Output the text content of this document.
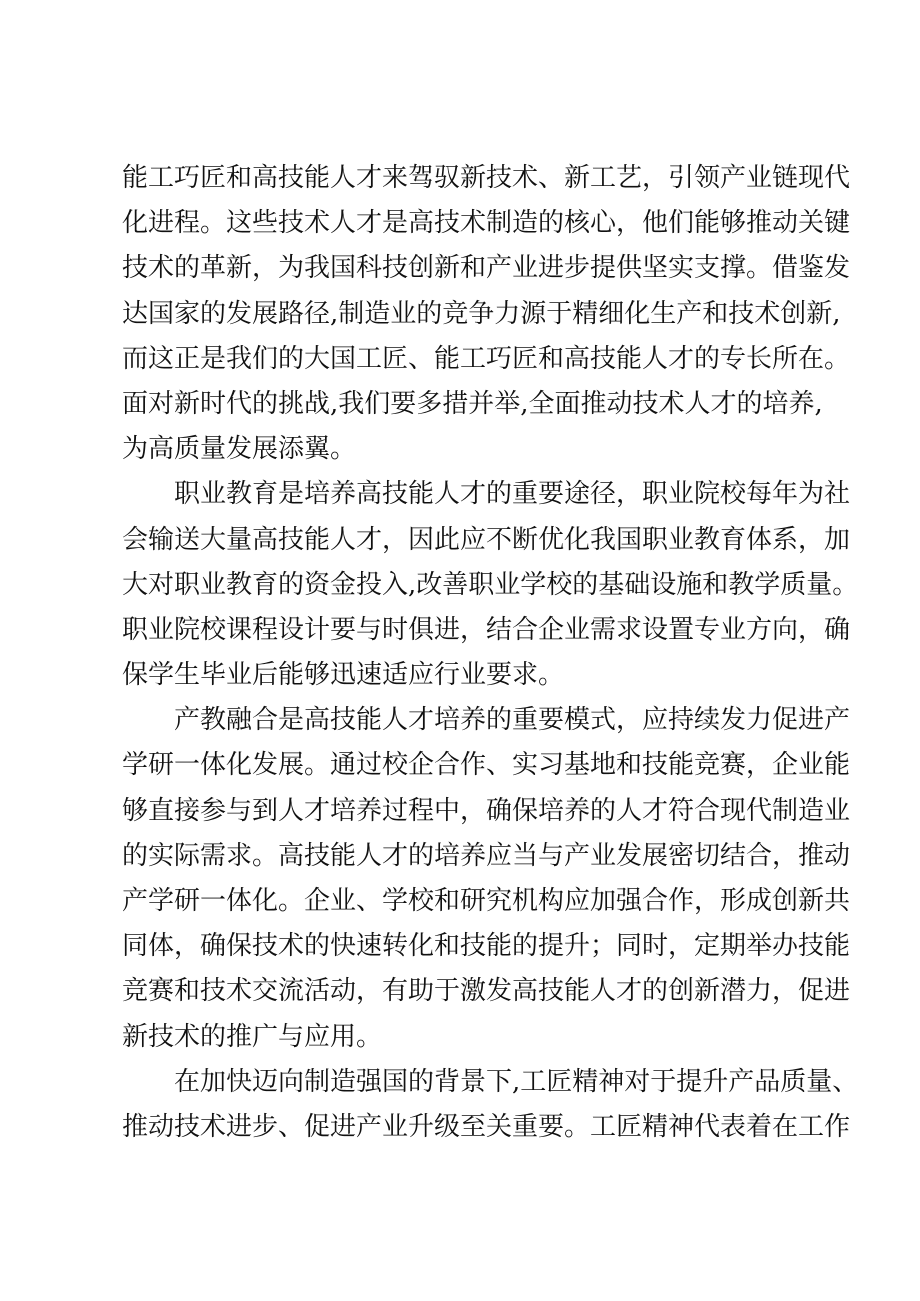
能工巧匠和高技能人才来驾驭新技术、新工艺，引领产业链现代
化进程。这些技术人才是高技术制造的核心，他们能够推动关键
技术的革新，为我国科技创新和产业进步提供坚实支撑。借鉴发
达国家的发展路径,制造业的竞争力源于精细化生产和技术创新,
而这正是我们的大国工匠、能工巧匠和高技能人才的专长所在。
面对新时代的挑战,我们要多措并举,全面推动技术人才的培养,
为高质量发展添翼。
职业教育是培养高技能人才的重要途径，职业院校每年为社
会输送大量高技能人才，因此应不断优化我国职业教育体系，加
大对职业教育的资金投入,改善职业学校的基础设施和教学质量。
职业院校课程设计要与时俱进，结合企业需求设置专业方向，确
保学生毕业后能够迅速适应行业要求。
产教融合是高技能人才培养的重要模式，应持续发力促进产
学研一体化发展。通过校企合作、实习基地和技能竞赛，企业能
够直接参与到人才培养过程中，确保培养的人才符合现代制造业
的实际需求。高技能人才的培养应当与产业发展密切结合，推动
产学研一体化。企业、学校和研究机构应加强合作，形成创新共
同体，确保技术的快速转化和技能的提升；同时，定期举办技能
竞赛和技术交流活动，有助于激发高技能人才的创新潜力，促进
新技术的推广与应用。
在加快迈向制造强国的背景下,工匠精神对于提升产品质量、
推动技术进步、促进产业升级至关重要。工匠精神代表着在工作
